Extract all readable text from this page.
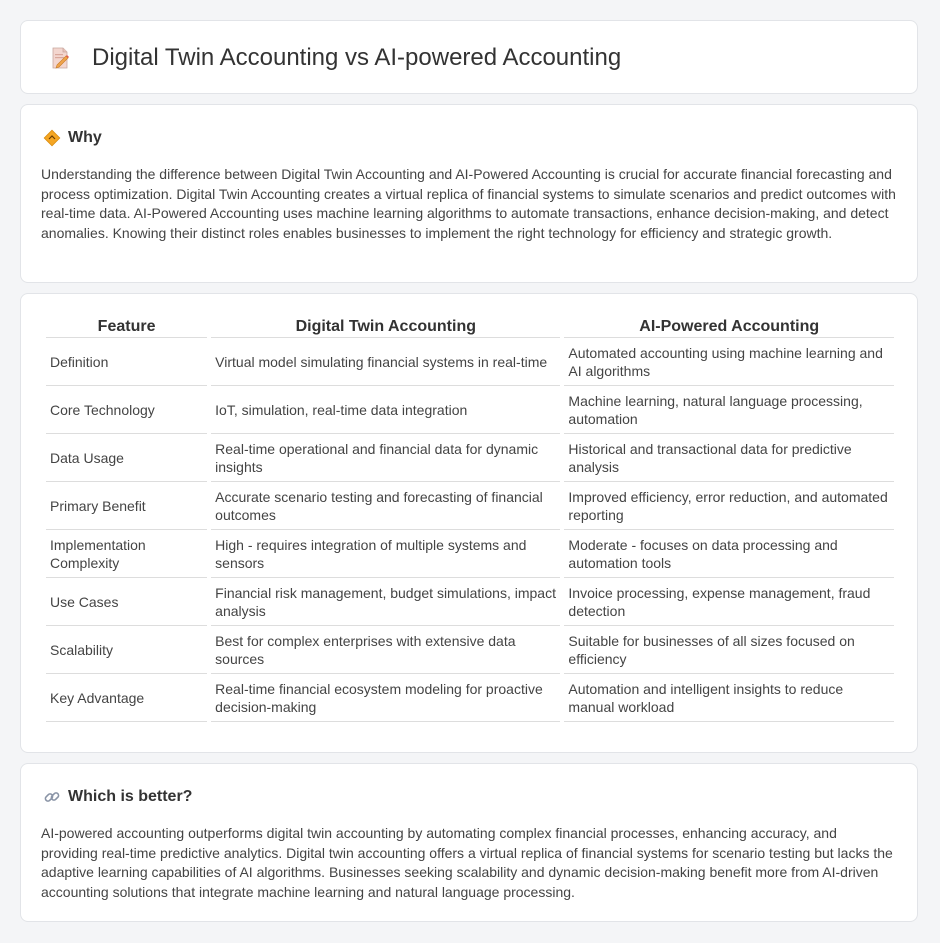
Digital Twin Accounting vs AI-powered Accounting
Why

Understanding the difference between Digital Twin Accounting and AI-Powered Accounting is crucial for accurate financial forecasting and process optimization. Digital Twin Accounting creates a virtual replica of financial systems to simulate scenarios and predict outcomes with real-time data. AI-Powered Accounting uses machine learning algorithms to automate transactions, enhance decision-making, and detect anomalies. Knowing their distinct roles enables businesses to implement the right technology for efficiency and strategic growth.

Feature	Digital Twin Accounting	AI-Powered Accounting
Definition	Virtual model simulating financial systems in real-time	Automated accounting using machine learning and AI algorithms
Core Technology	IoT, simulation, real-time data integration	Machine learning, natural language processing, automation
Data Usage	Real-time operational and financial data for dynamic insights	Historical and transactional data for predictive analysis
Primary Benefit	Accurate scenario testing and forecasting of financial outcomes	Improved efficiency, error reduction, and automated reporting
Implementation Complexity	High - requires integration of multiple systems and sensors	Moderate - focuses on data processing and automation tools
Use Cases	Financial risk management, budget simulations, impact analysis	Invoice processing, expense management, fraud detection
Scalability	Best for complex enterprises with extensive data sources	Suitable for businesses of all sizes focused on efficiency
Key Advantage	Real-time financial ecosystem modeling for proactive decision-making	Automation and intelligent insights to reduce manual workload
Which is better?

AI-powered accounting outperforms digital twin accounting by automating complex financial processes, enhancing accuracy, and providing real-time predictive analytics. Digital twin accounting offers a virtual replica of financial systems for scenario testing but lacks the adaptive learning capabilities of AI algorithms. Businesses seeking scalability and dynamic decision-making benefit more from AI-driven accounting solutions that integrate machine learning and natural language processing.
